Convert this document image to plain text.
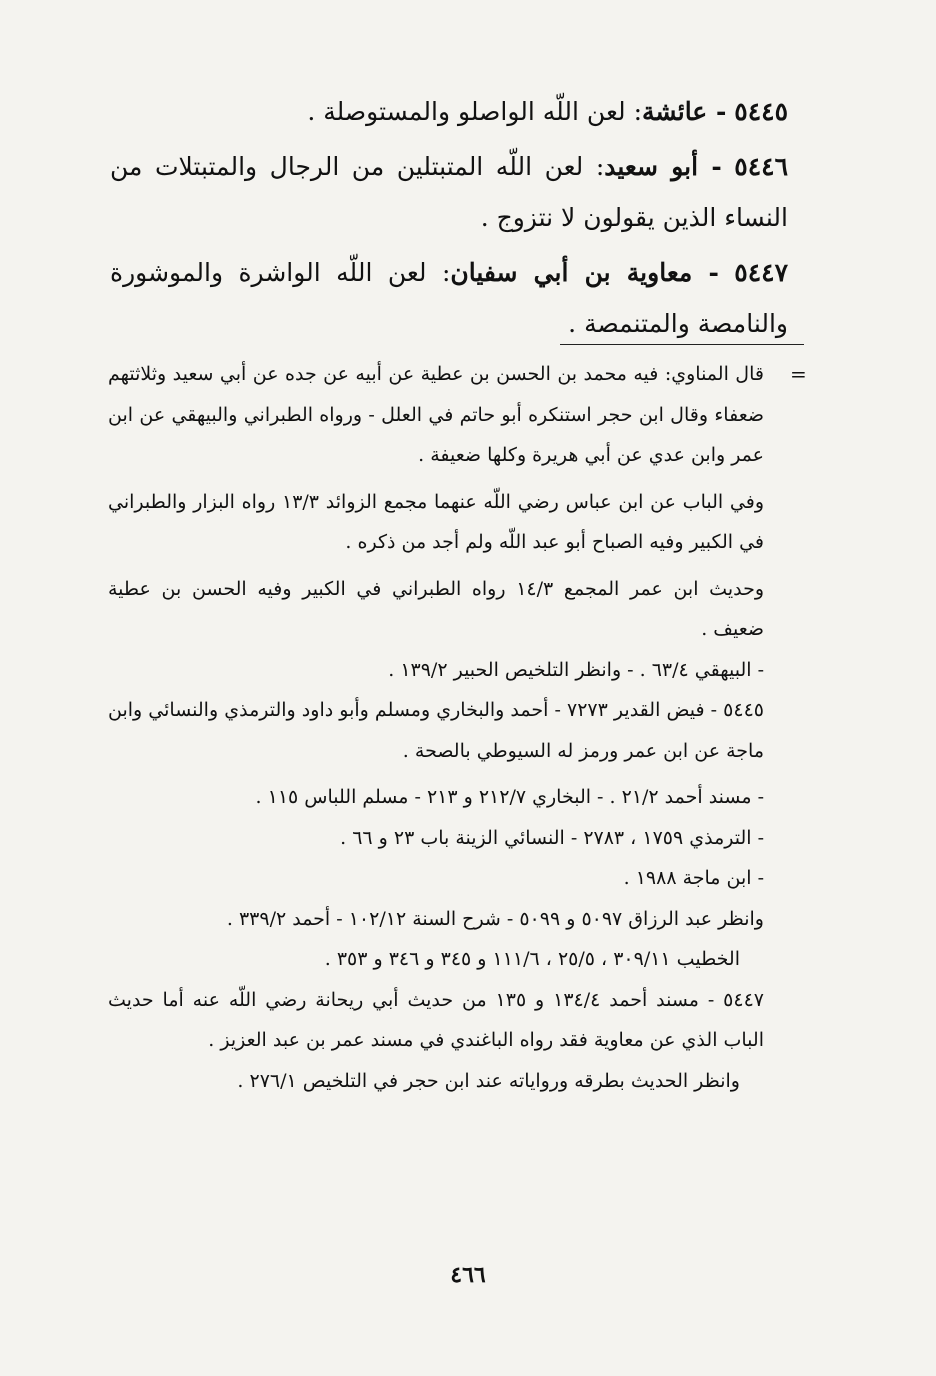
٥٤٤٥ - عائشة: لعن اللّه الواصلو والمستوصلة .
٥٤٤٦ - أبو سعيد: لعن اللّه المتبتلين من الرجال والمتبتلات من النساء الذين يقولون لا نتزوج .
٥٤٤٧ - معاوية بن أبي سفيان: لعن اللّه الواشرة والموشورة والنامصة والمتنمصة .
=

قال المناوي: فيه محمد بن الحسن بن عطية عن أبيه عن جده عن أبي سعيد وثلاثتهم ضعفاء وقال ابن حجر استنكره أبو حاتم في العلل - ورواه الطبراني والبيهقي عن ابن عمر وابن عدي عن أبي هريرة وكلها ضعيفة .

وفي الباب عن ابن عباس رضي اللّه عنهما مجمع الزوائد ١٣/٣ رواه البزار والطبراني في الكبير وفيه الصباح أبو عبد اللّه ولم أجد من ذكره .

وحديث ابن عمر المجمع ١٤/٣ رواه الطبراني في الكبير وفيه الحسن بن عطية ضعيف .

- البيهقي ٦٣/٤ . - وانظر التلخيص الحبير ١٣٩/٢ .

٥٤٤٥ - فيض القدير ٧٢٧٣ - أحمد والبخاري ومسلم وأبو داود والترمذي والنسائي وابن ماجة عن ابن عمر ورمز له السيوطي بالصحة .

- مسند أحمد ٢١/٢ . - البخاري ٢١٢/٧ و ٢١٣ - مسلم اللباس ١١٥ .

- الترمذي ١٧٥٩ ، ٢٧٨٣ - النسائي الزينة باب ٢٣ و ٦٦ .

- ابن ماجة ١٩٨٨ .

وانظر عبد الرزاق ٥٠٩٧ و ٥٠٩٩ - شرح السنة ١٠٢/١٢ - أحمد ٣٣٩/٢ .

الخطيب ٣٠٩/١١ ، ٢٥/٥ ، ١١١/٦ و ٣٤٥ و ٣٤٦ و ٣٥٣ .

٥٤٤٧ - مسند أحمد ١٣٤/٤ و ١٣٥ من حديث أبي ريحانة رضي اللّه عنه أما حديث الباب الذي عن معاوية فقد رواه الباغندي في مسند عمر بن عبد العزيز .

وانظر الحديث بطرقه ورواياته عند ابن حجر في التلخيص ٢٧٦/١ .

٤٦٦
